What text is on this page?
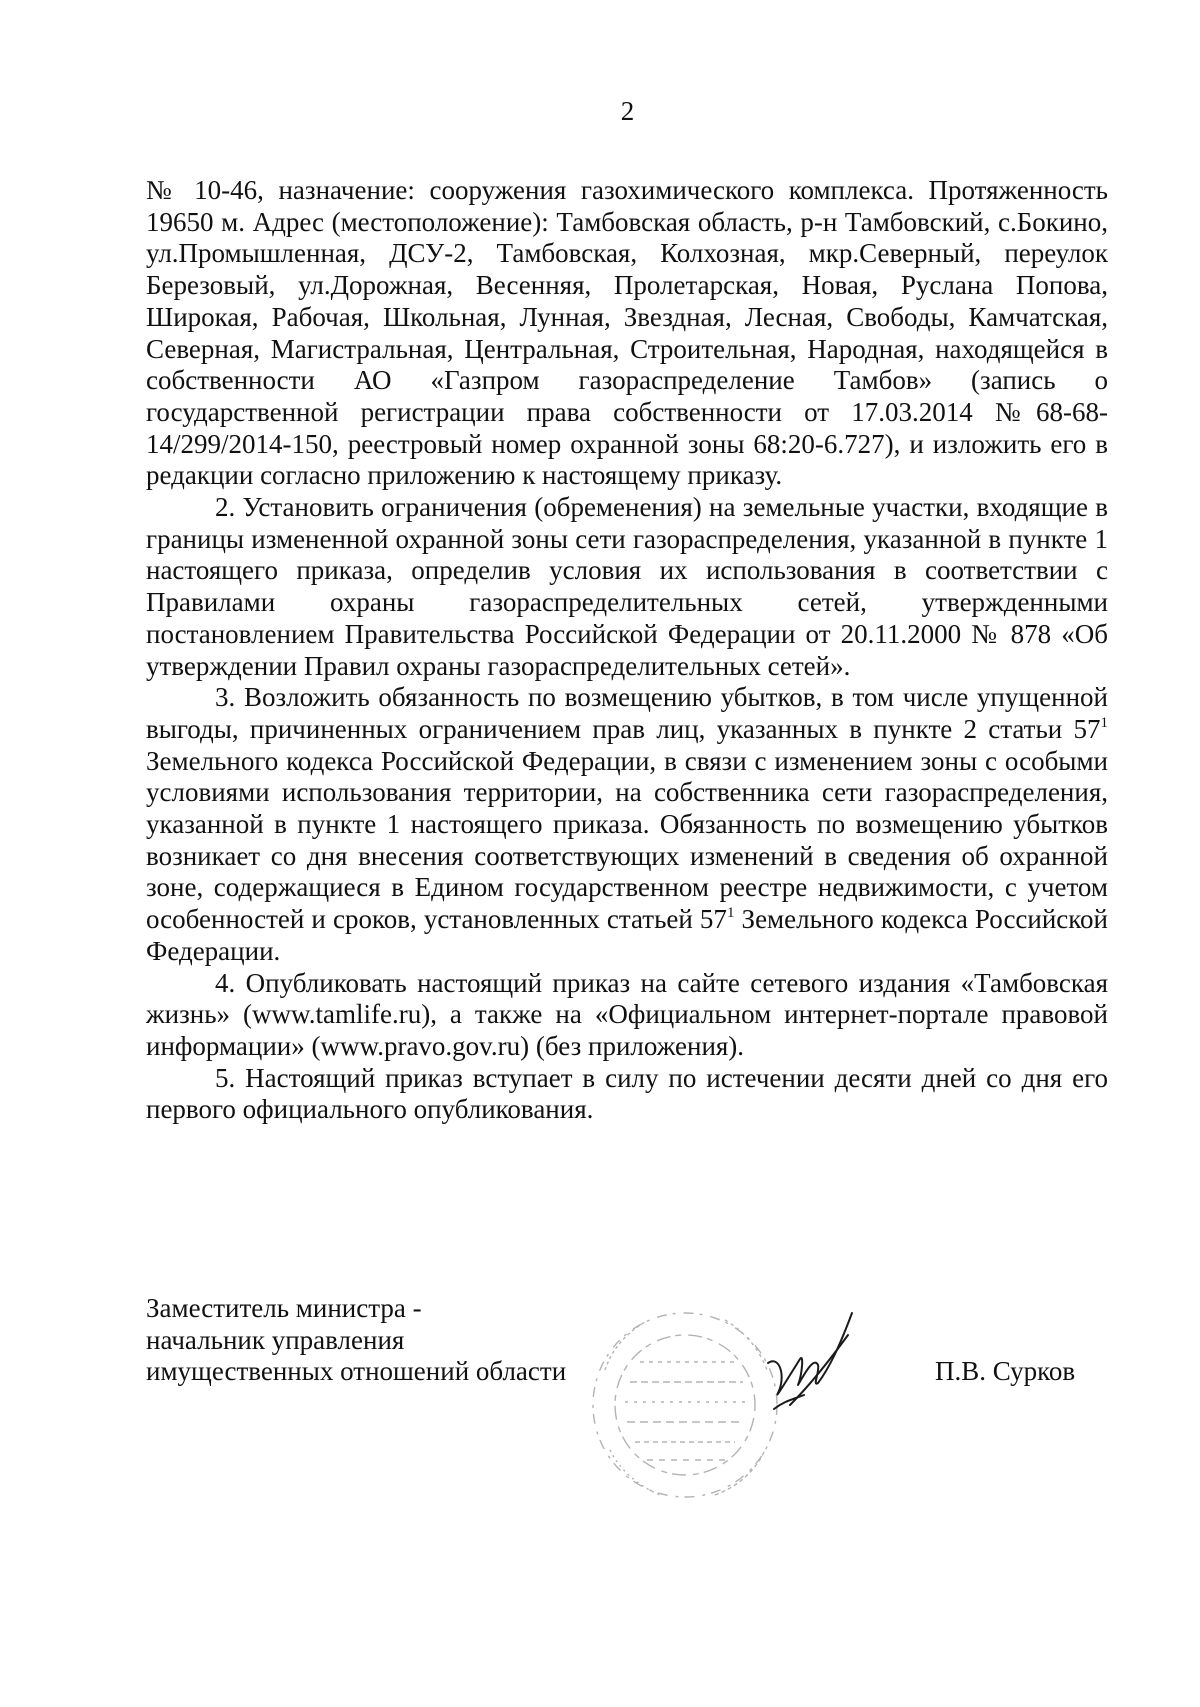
2

№ 10-46, назначение: сооружения газохимического комплекса. Протяженность 19650 м. Адрес (местоположение): Тамбовская область, р-н Тамбовский, с.Бокино, ул.Промышленная, ДСУ-2, Тамбовская, Колхозная, мкр.Северный, переулок Березовый, ул.Дорожная, Весенняя, Пролетарская, Новая, Руслана Попова, Широкая, Рабочая, Школьная, Лунная, Звездная, Лесная, Свободы, Камчатская, Северная, Магистральная, Центральная, Строительная, Народная, находящейся в собственности АО «Газпром газораспределение Тамбов» (запись о государственной регистрации права собственности от 17.03.2014 №68-68-14/299/2014-150, реестровый номер охранной зоны 68:20-6.727), и изложить его в редакции согласно приложению к настоящему приказу.

2. Установить ограничения (обременения) на земельные участки, входящие в границы измененной охранной зоны сети газораспределения, указанной в пункте 1 настоящего приказа, определив условия их использования в соответствии с Правилами охраны газораспределительных сетей, утвержденными постановлением Правительства Российской Федерации от 20.11.2000 № 878 «Об утверждении Правил охраны газораспределительных сетей».

3. Возложить обязанность по возмещению убытков, в том числе упущенной выгоды, причиненных ограничением прав лиц, указанных в пункте 2 статьи $57^1$ Земельного кодекса Российской Федерации, в связи с изменением зоны с особыми условиями использования территории, на собственника сети газораспределения, указанной в пункте 1 настоящего приказа. Обязанность по возмещению убытков возникает со дня внесения соответствующих изменений в сведения об охранной зоне, содержащиеся в Едином государственном реестре недвижимости, с учетом особенностей и сроков, установленных статьей $57^1$ Земельного кодекса Российской Федерации.

4. Опубликовать настоящий приказ на сайте сетевого издания «Тамбовская жизнь» (www.tamlife.ru), а также на «Официальном интернет-портале правовой информации» (www.pravo.gov.ru) (без приложения).

5. Настоящий приказ вступает в силу по истечении десяти дней со дня его первого официального опубликования.

Заместитель министра -
начальник управления
имущественных отношений области	П.В. Сурков
